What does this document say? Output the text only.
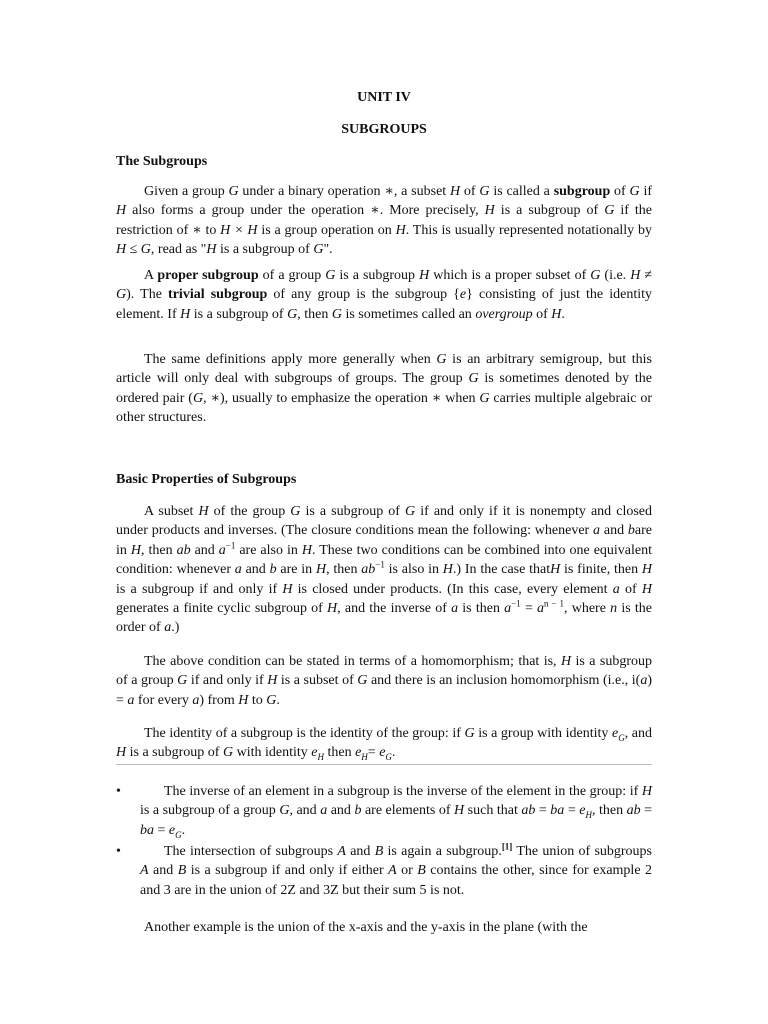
UNIT IV
SUBGROUPS
The Subgroups
Given a group G under a binary operation ∗, a subset H of G is called a subgroup of G if H also forms a group under the operation ∗. More precisely, H is a subgroup of G if the restriction of ∗ to H × H is a group operation on H. This is usually represented notationally by H ≤ G, read as "H is a subgroup of G".
A proper subgroup of a group G is a subgroup H which is a proper subset of G (i.e. H ≠ G). The trivial subgroup of any group is the subgroup {e} consisting of just the identity element. If H is a subgroup of G, then G is sometimes called an overgroup of H.
The same definitions apply more generally when G is an arbitrary semigroup, but this article will only deal with subgroups of groups. The group G is sometimes denoted by the ordered pair (G, ∗), usually to emphasize the operation ∗ when G carries multiple algebraic or other structures.
Basic Properties of Subgroups
A subset H of the group G is a subgroup of G if and only if it is nonempty and closed under products and inverses. (The closure conditions mean the following: whenever a and bare in H, then ab and $a^{-1}$ are also in H. These two conditions can be combined into one equivalent condition: whenever a and b are in H, then $ab^{-1}$ is also in H.) In the case thatH is finite, then H is a subgroup if and only if H is closed under products. (In this case, every element a of H generates a finite cyclic subgroup of H, and the inverse of a is then $a^{-1} = a^{n - 1}$, where n is the order of a.)
The above condition can be stated in terms of a homomorphism; that is, H is a subgroup of a group G if and only if H is a subset of G and there is an inclusion homomorphism (i.e., i(a) = a for every a) from H to G.
The identity of a subgroup is the identity of the group: if G is a group with identity $e_G$, and H is a subgroup of G with identity $e_H$ then $e_H= e_G$.
•	The inverse of an element in a subgroup is the inverse of the element in the group: if H is a subgroup of a group G, and a and b are elements of H such that ab = ba = $e_H$, then ab = ba = $e_G$.
•	The intersection of subgroups A and B is again a subgroup.[1] The union of subgroups A and B is a subgroup if and only if either A or B contains the other, since for example 2 and 3 are in the union of 2Z and 3Z but their sum 5 is not.
Another example is the union of the x-axis and the y-axis in the plane (with the
